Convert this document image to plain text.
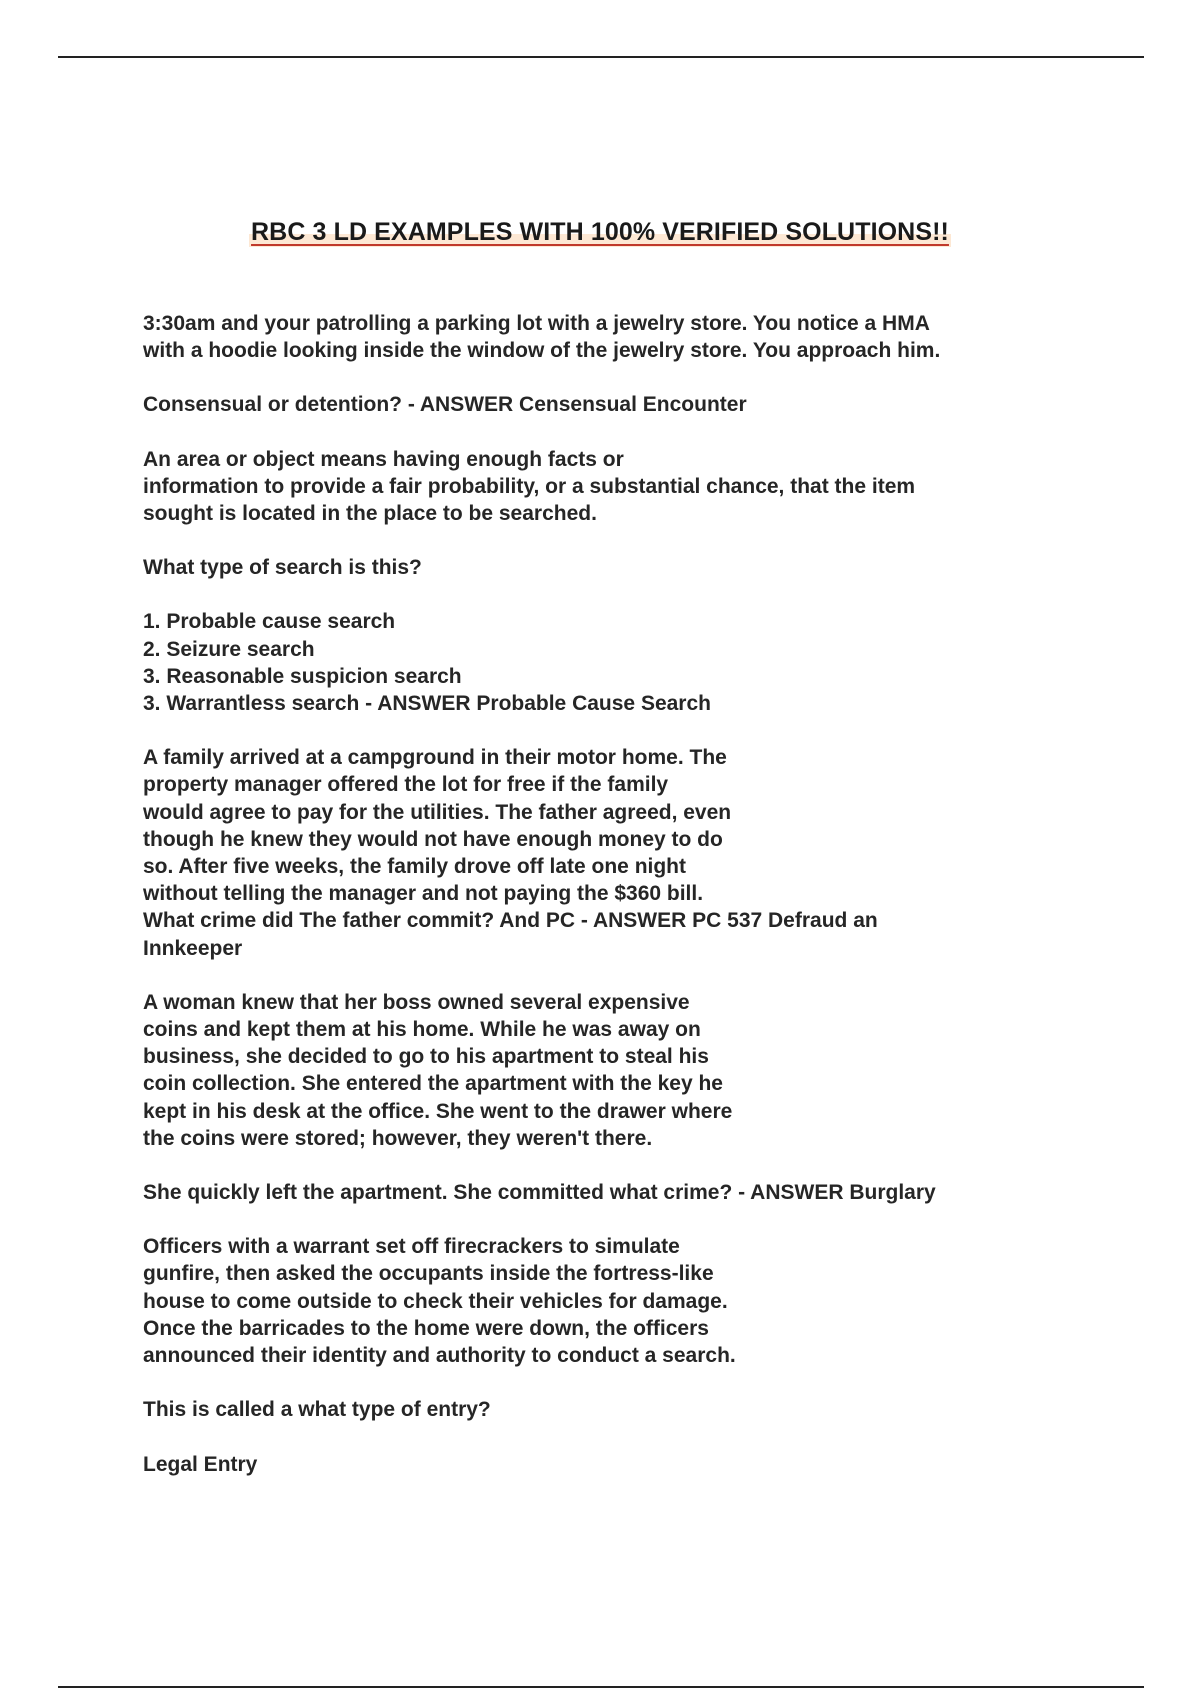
RBC 3 LD EXAMPLES WITH 100% VERIFIED SOLUTIONS!!
3:30am and your patrolling a parking lot with a jewelry store. You notice a HMA
with a hoodie looking inside the window of the jewelry store. You approach him.
Consensual or detention? - ANSWER Censensual Encounter
An area or object means having enough facts or
information to provide a fair probability, or a substantial chance, that the item
sought is located in the place to be searched.
What type of search is this?
1. Probable cause search
2. Seizure search
3. Reasonable suspicion search
3. Warrantless search - ANSWER Probable Cause Search
A family arrived at a campground in their motor home. The
property manager offered the lot for free if the family
would agree to pay for the utilities. The father agreed, even
though he knew they would not have enough money to do
so. After five weeks, the family drove off late one night
without telling the manager and not paying the $360 bill.
What crime did The father commit? And PC - ANSWER PC 537 Defraud an
Innkeeper
A woman knew that her boss owned several expensive
coins and kept them at his home. While he was away on
business, she decided to go to his apartment to steal his
coin collection. She entered the apartment with the key he
kept in his desk at the office. She went to the drawer where
the coins were stored; however, they weren't there.
She quickly left the apartment. She committed what crime? - ANSWER Burglary
Officers with a warrant set off firecrackers to simulate
gunfire, then asked the occupants inside the fortress-like
house to come outside to check their vehicles for damage.
Once the barricades to the home were down, the officers
announced their identity and authority to conduct a search.
This is called a what type of entry?
Legal Entry
